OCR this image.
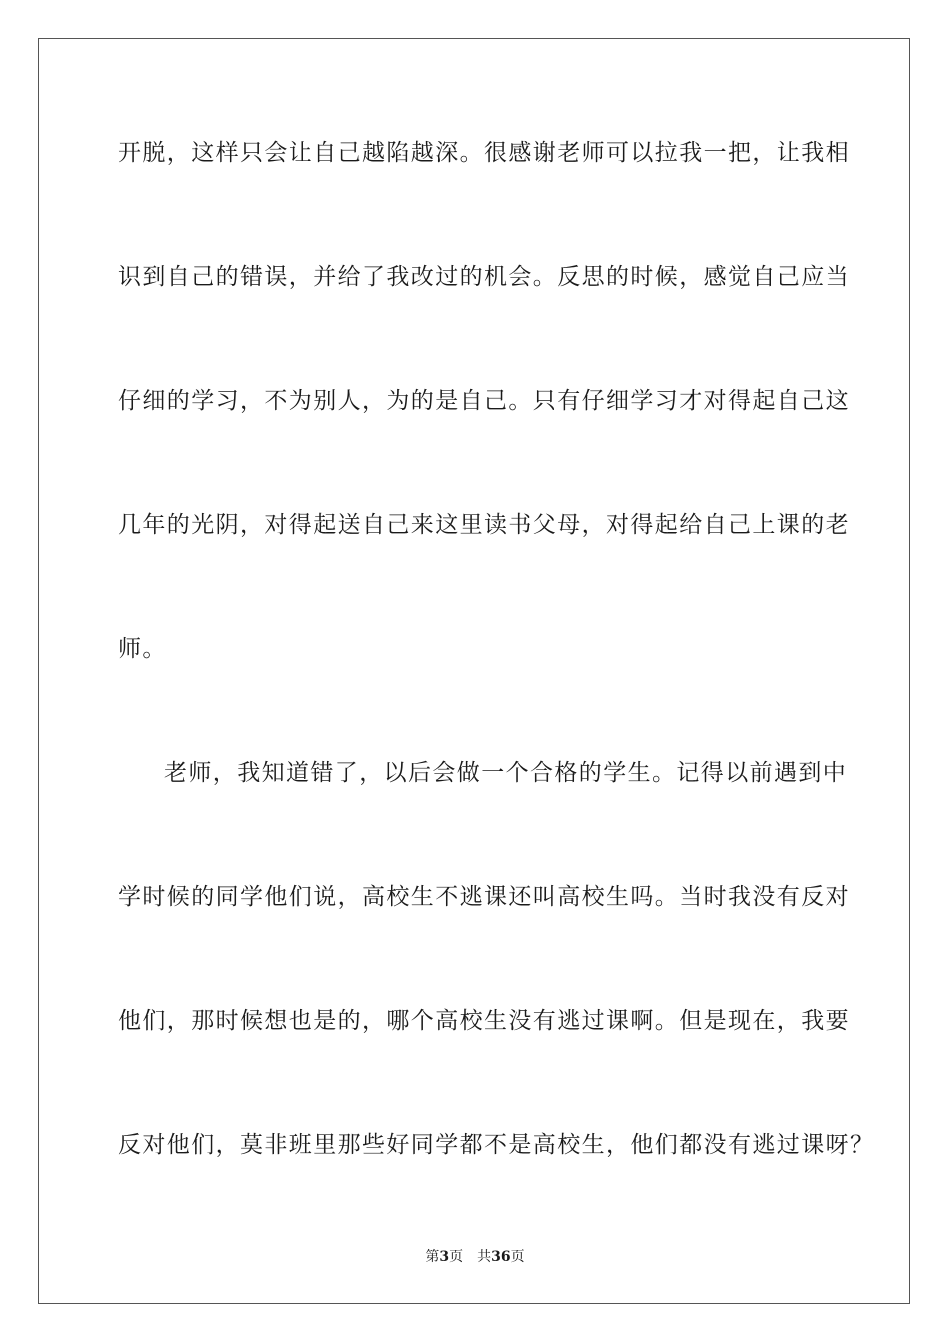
开脱，这样只会让自己越陷越深。很感谢老师可以拉我一把，让我相
识到自己的错误，并给了我改过的机会。反思的时候，感觉自己应当
仔细的学习，不为别人，为的是自己。只有仔细学习才对得起自己这
几年的光阴，对得起送自己来这里读书父母，对得起给自己上课的老
师。
老师，我知道错了，以后会做一个合格的学生。记得以前遇到中
学时候的同学他们说，高校生不逃课还叫高校生吗。当时我没有反对
他们，那时候想也是的，哪个高校生没有逃过课啊。但是现在，我要
反对他们，莫非班里那些好同学都不是高校生，他们都没有逃过课呀？
第3页 共36页
